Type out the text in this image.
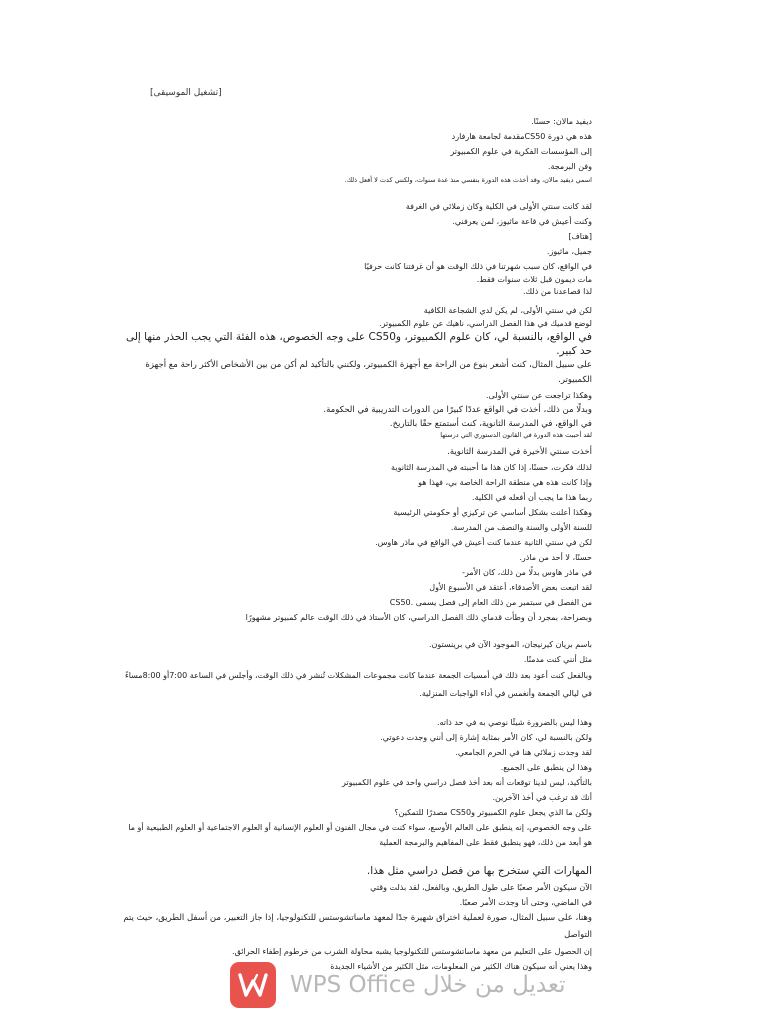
[تشغيل الموسيقى]
ديفيد مالان: حسنًا.
هذه هي دورة CS50مقدمة لجامعة هارفارد
إلى المؤسسات الفكرية في علوم الكمبيوتر
وفن البرمجة.
اسمي ديفيد مالان، وقد أخذت هذه الدورة بنفسي منذ عدة سنوات، ولكنني كدت لا أفعل ذلك.
لقد كانت سنتي الأولى في الكلية وكان زملائي في الغرفة
وكنت أعيش في قاعة ماثيوز، لمن يعرفني.
[هتاف]
جميل، ماثيوز.
في الواقع، كان سبب شهرتنا في ذلك الوقت هو أن غرفتنا كانت حرفيًا
مات ديمون قبل ثلاث سنوات فقط.
لذا قصاعدنا من ذلك.
لكن في سنتي الأولى، لم يكن لدي الشجاعة الكافية
لوضع قدميك في هذا الفصل الدراسي، ناهيك عن علوم الكمبيوتر.
في الواقع، بالنسبة لي، كان علوم الكمبيوتر، وCS50 على وجه الخصوص، هذه الفئة التي يجب الحذر منها إلى حد كبير.
على سبيل المثال، كنت أشعر بنوع من الراحة مع أجهزة الكمبيوتر، ولكنني بالتأكيد لم أكن من بين الأشخاص الأكثر راحة مع أجهزة الكمبيوتر.
وهكذا تراجعت عن سنتي الأولى.
وبدلًا من ذلك، أخذت في الواقع عددًا كبيرًا من الدورات التدريبية في الحكومة.
في الواقع، في المدرسة الثانوية، كنت أستمتع حقًا بالتاريخ.
لقد أحببت هذه الدورة في القانون الدستوري التي درستها
أخذت سنتي الأخيرة في المدرسة الثانوية.
لذلك فكرت، حسنًا، إذا كان هذا ما أحببته في المدرسة الثانوية
وإذا كانت هذه هي منطقة الراحة الخاصة بي، فهذا هو
ربما هذا ما يجب أن أفعله في الكلية.
وهكذا أعلنت بشكل أساسي عن تركيزي أو حكومتي الرئيسية
للسنة الأولى والسنة والنصف من المدرسة.
لكن في سنتي الثانية عندما كنت أعيش في الواقع في ماذر هاوس.
حسنًا، لا أحد من ماذر.
في ماذر هاوس بدلًا من ذلك، كان الأمر-
لقد اتبعت بعض الأصدقاء، أعتقد في الأسبوع الأول
من الفصل في سبتمبر من ذلك العام إلى فصل يسمى .CS50
وبصراحة، بمجرد أن وطأت قدماي ذلك الفصل الدراسي، كان الأستاذ في ذلك الوقت عالم كمبيوتر مشهورًا
باسم بريان كيرنيجان، الموجود الآن في برينستون.
مثل أنني كنت مدمنًا.
وبالفعل كنت أعود بعد ذلك في أمسيات الجمعة عندما كانت مجموعات المشكلات تُنشر في ذلك الوقت، وأجلس في الساعة 7:00أو 8:00مساءً في ليالي الجمعة وأنغمس في أداء الواجبات المنزلية.
وهذا ليس بالضرورة شيئًا نوصي به في حد ذاته.
ولكن بالنسبة لي، كان الأمر بمثابة إشارة إلى أنني وجدت دعوتي.
لقد وجدت زملائي هنا في الحرم الجامعي.
وهذا لن ينطبق على الجميع.
بالتأكيد، ليس لدينا توقعات أنه بعد أخذ فصل دراسي واحد في علوم الكمبيوتر
أنك قد ترغب في أخذ الآخرين.
ولكن ما الذي يجعل علوم الكمبيوتر وCS50 مصدرًا للتمكين؟
على وجه الخصوص، إنه ينطبق على العالم الأوسع، سواء كنت في مجال الفنون أو العلوم الإنسانية أو العلوم الاجتماعية أو العلوم الطبيعية أو ما هو أبعد من ذلك، فهو ينطبق فقط على المفاهيم والبرمجة العملية
المهارات التي ستخرج بها من فصل دراسي مثل هذا.
الآن سيكون الأمر صعبًا على طول الطريق، وبالفعل، لقد بذلت وقتي
في الماضي، وحتى أنا وجدت الأمر صعبًا.
وهنا، على سبيل المثال، صورة لعملية اختراق شهيرة جدًا لمعهد ماساتشوستس للتكنولوجيا، إذا جاز التعبير، من أسفل الطريق، حيث يتم التواصل
إن الحصول على التعليم من معهد ماساتشوستس للتكنولوجيا يشبه محاولة الشرب من خرطوم إطفاء الحرائق.
وهذا يعني أنه سيكون هناك الكثير من المعلومات، مثل الكثير من الأشياء الجديدة
تعديل من خلال WPS Office
